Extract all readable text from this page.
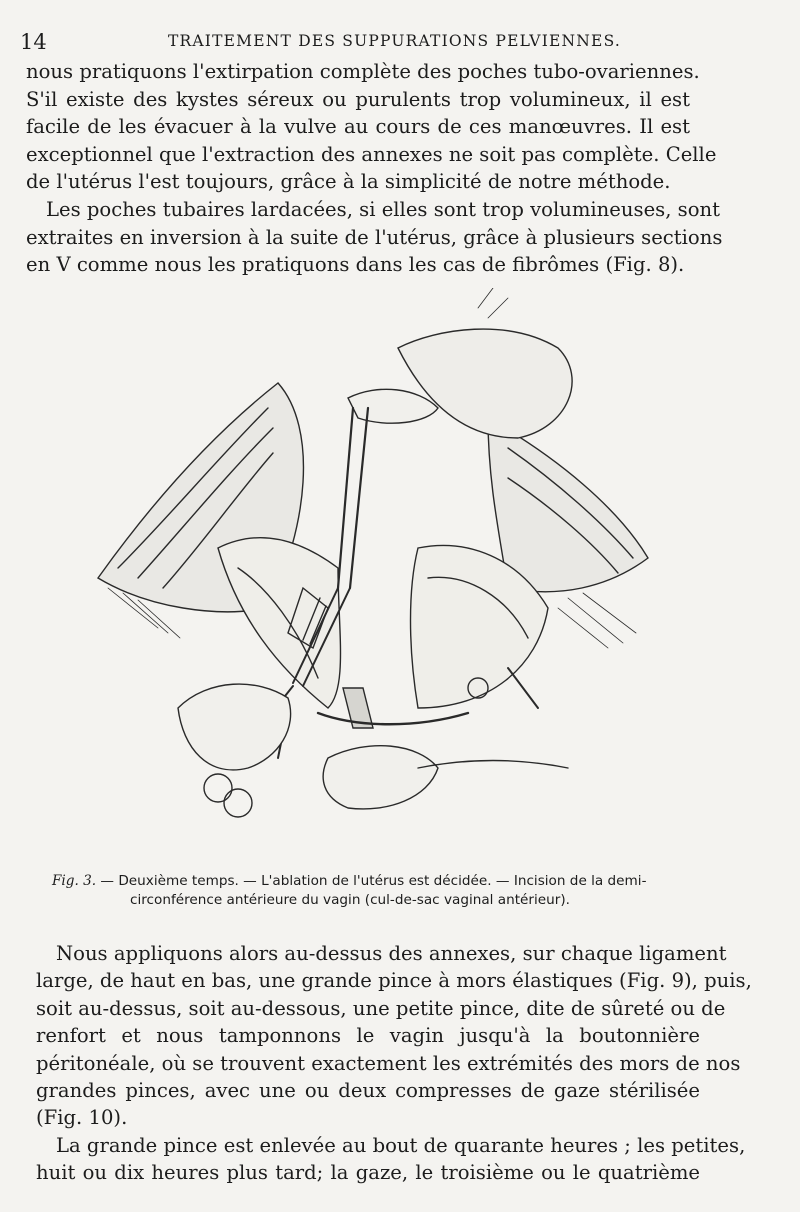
14	TRAITEMENT DES SUPPURATIONS PELVIENNES.

nous pratiquons l'extirpation complète des poches tubo-ovariennes.
S'il existe des kystes séreux ou purulents trop volumineux, il est
facile de les évacuer à la vulve au cours de ces manœuvres. Il est
exceptionnel que l'extraction des annexes ne soit pas complète. Celle
de l'utérus l'est toujours, grâce à la simplicité de notre méthode.

Les poches tubaires lardacées, si elles sont trop volumineuses, sont
extraites en inversion à la suite de l'utérus, grâce à plusieurs sections
en V comme nous les pratiquons dans les cas de fibrômes (Fig. 8).

Fig. 3. — Deuxième temps. — L'ablation de l'utérus est décidée. — Incision de la demi-
circonférence antérieure du vagin (cul-de-sac vaginal antérieur).

Nous appliquons alors au-dessus des annexes, sur chaque ligament
large, de haut en bas, une grande pince à mors élastiques (Fig. 9), puis,
soit au-dessus, soit au-dessous, une petite pince, dite de sûreté ou de
renfort et nous tamponnons le vagin jusqu'à la boutonnière
péritonéale, où se trouvent exactement les extrémités des mors de nos
grandes pinces, avec une ou deux compresses de gaze stérilisée
(Fig. 10).

La grande pince est enlevée au bout de quarante heures ; les petites,
huit ou dix heures plus tard; la gaze, le troisième ou le quatrième
